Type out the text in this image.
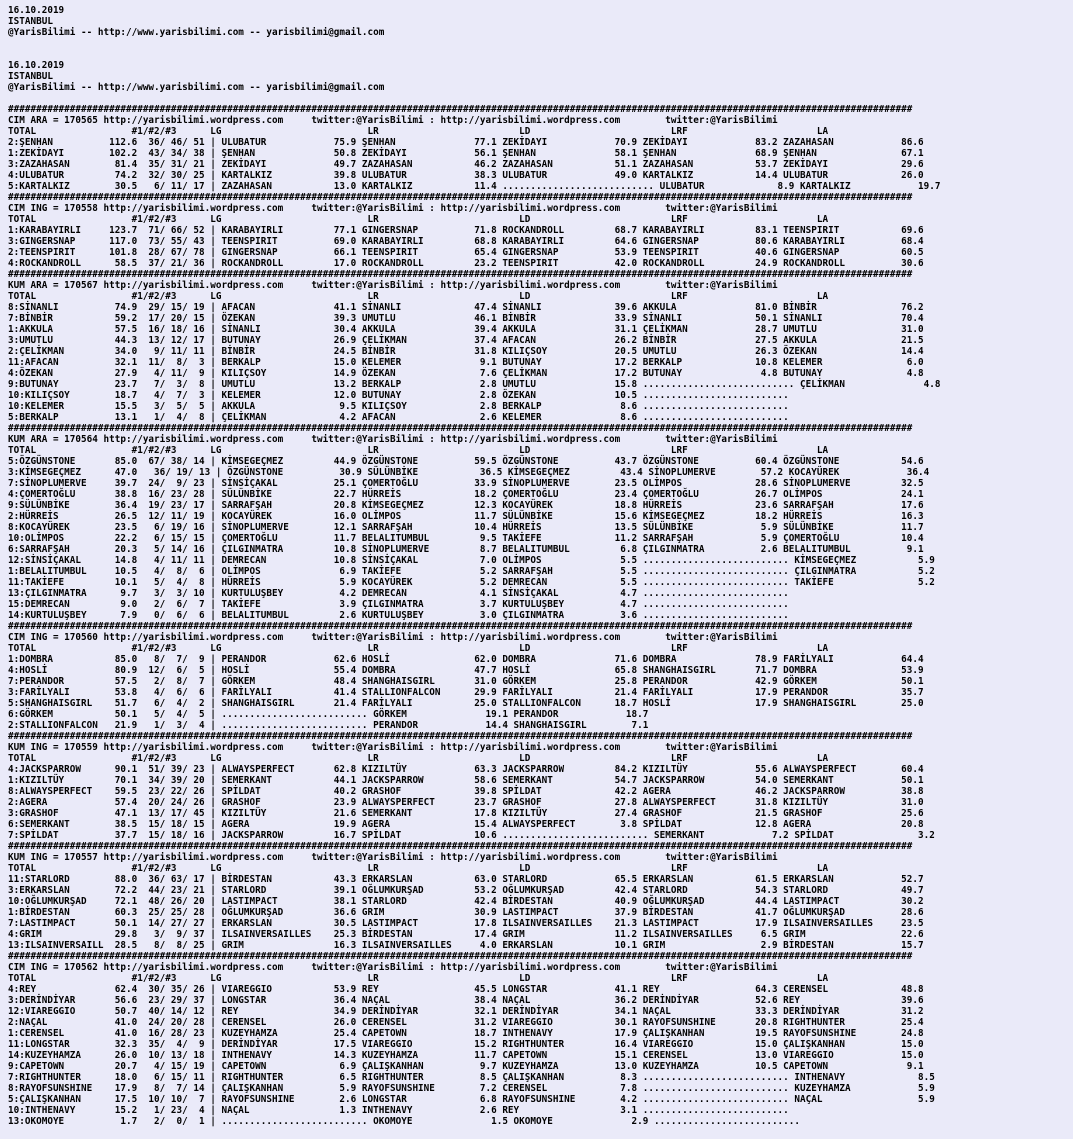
16.10.2019
ISTANBUL
@YarisBilimi -- http://www.yarisbilimi.com -- yarisbilimi@gmail.com

16.10.2019
ISTANBUL
@YarisBilimi -- http://www.yarisbilimi.com -- yarisbilimi@gmail.com

#################################################################################################################################################################
CIM ARA = 170565 http://yarisbilimi.wordpress.com     twitter:@YarisBilimi : http://yarisbilimi.wordpress.com        twitter:@YarisBilimi
TOTAL                 #1/#2/#3      LG                          LR                         LD                         LRF                       LA
2:ŞENHAN          112.6  36/ 46/ 51 | ULUBATUR            75.9 ŞENHAN              77.1 ZEKİDAYI            70.9 ZEKİDAYI            83.2 ZAZAHASAN            86.6
1:ZEKİDAYI        102.2  43/ 34/ 38 | ŞENHAN              50.8 ZEKİDAYI            56.1 ŞENHAN              58.1 ŞENHAN              68.9 ŞENHAN               67.1
3:ZAZAHASAN        81.4  35/ 31/ 21 | ZEKİDAYI            49.7 ZAZAHASAN           46.2 ZAZAHASAN           51.1 ZAZAHASAN           53.7 ZEKİDAYI             29.6
4:ULUBATUR         74.2  32/ 30/ 25 | KARTALKIZ           39.8 ULUBATUR            38.3 ULUBATUR            49.0 KARTALKIZ           14.4 ULUBATUR             26.0
5:KARTALKIZ        30.5   6/ 11/ 17 | ZAZAHASAN           13.0 KARTALKIZ           11.4 ........................... ULUBATUR             8.9 KARTALKIZ            19.7
#################################################################################################################################################################
CIM ING = 170558 http://yarisbilimi.wordpress.com     twitter:@YarisBilimi : http://yarisbilimi.wordpress.com        twitter:@YarisBilimi
TOTAL                 #1/#2/#3      LG                          LR                         LD                         LRF                       LA
1:KARABAYIRLI     123.7  71/ 66/ 52 | KARABAYIRLI         77.1 GINGERSNAP          71.8 ROCKANDROLL         68.7 KARABAYIRLI         83.1 TEENSPIRIT           69.6
3:GINGERSNAP      117.0  73/ 55/ 43 | TEENSPIRIT          69.0 KARABAYIRLI         68.8 KARABAYIRLI         64.6 GINGERSNAP          80.6 KARABAYIRLI          68.4
2:TEENSPIRIT      101.8  28/ 67/ 78 | GINGERSNAP          66.1 TEENSPIRIT          65.4 GINGERSNAP          53.9 TEENSPIRIT          40.6 GINGERSNAP           60.5
4:ROCKANDROLL      58.5  37/ 21/ 36 | ROCKANDROLL         17.0 ROCKANDROLL         23.2 TEENSPIRIT          42.0 ROCKANDROLL         24.9 ROCKANDROLL          30.6
#################################################################################################################################################################
KUM ARA = 170567 http://yarisbilimi.wordpress.com     twitter:@YarisBilimi : http://yarisbilimi.wordpress.com        twitter:@YarisBilimi
TOTAL                 #1/#2/#3      LG                          LR                         LD                         LRF                       LA
8:SİNANLI          74.9  29/ 15/ 19 | AFACAN              41.1 SİNANLI             47.4 SİNANLI             39.6 AKKULA              81.0 BİNBİR               76.2
7:BİNBİR           59.2  17/ 20/ 15 | ÖZEKAN              39.3 UMUTLU              46.1 BİNBİR              33.9 SİNANLI             50.1 SİNANLI              70.4
1:AKKULA           57.5  16/ 18/ 16 | SİNANLI             30.4 AKKULA              39.4 AKKULA              31.1 ÇELİKMAN            28.7 UMUTLU               31.0
3:UMUTLU           44.3  13/ 12/ 17 | BUTUNAY             26.9 ÇELİKMAN            37.4 AFACAN              26.2 BİNBİR              27.5 AKKULA               21.5
2:ÇELİKMAN         34.0   9/ 11/ 11 | BİNBİR              24.5 BİNBİR              31.8 KILIÇSOY            20.5 UMUTLU              26.3 ÖZEKAN               14.4
11:AFACAN          32.1  11/  8/  3 | BERKALP             15.0 KELEMER              9.1 BUTUNAY             17.2 BERKALP             10.8 KELEMER               6.0
4:ÖZEKAN           27.9   4/ 11/  9 | KILIÇSOY            14.9 ÖZEKAN               7.6 ÇELİKMAN            17.2 BUTUNAY              4.8 BUTUNAY               4.8
9:BUTUNAY          23.7   7/  3/  8 | UMUTLU              13.2 BERKALP              2.8 UMUTLU              15.8 ........................... ÇELİKMAN              4.8
10:KILIÇSOY        18.7   4/  7/  3 | KELEMER             12.0 BUTUNAY              2.8 ÖZEKAN              10.5 ..........................
10:KELEMER         15.5   3/  5/  5 | AKKULA               9.5 KILIÇSOY             2.8 BERKALP              8.6 ..........................
5:BERKALP          13.1   1/  4/  8 | ÇELİKMAN             4.2 AFACAN               2.6 KELEMER              8.6 ..........................
#################################################################################################################################################################
KUM ARA = 170564 http://yarisbilimi.wordpress.com     twitter:@YarisBilimi : http://yarisbilimi.wordpress.com        twitter:@YarisBilimi
TOTAL                 #1/#2/#3      LG                          LR                         LD                         LRF                       LA
5:ÖZGÜNSTONE       85.0  67/ 38/ 14 | KİMSEGEÇMEZ         44.9 ÖZGÜNSTONE          59.5 ÖZGÜNSTONE          43.7 ÖZGÜNSTONE          60.4 ÖZGÜNSTONE           54.6
3:KİMSEGEÇMEZ      47.0   36/ 19/ 13 | ÖZGÜNSTONE          30.9 SÜLÜNBİKE           36.5 KİMSEGEÇMEZ         43.4 SİNOPLUMERVE        57.2 KOCAYÜREK            36.4
7:SİNOPLUMERVE     39.7  24/  9/ 23 | SİNSİÇAKAL          25.1 ÇOMERTOĞLU          33.9 SİNOPLUMERVE        23.5 OLİMPOS             28.6 SİNOPLUMERVE         32.5
4:ÇOMERTOĞLU       38.8  16/ 23/ 28 | SÜLÜNBİKE           22.7 HÜRREİS             18.2 ÇOMERTOĞLU          23.4 ÇOMERTOĞLU          26.7 OLİMPOS              24.1
9:SÜLÜNBİKE        36.4  19/ 23/ 17 | SARRAFŞAH           20.8 KİMSEGEÇMEZ         12.3 KOCAYÜREK           18.8 HÜRREİS             23.6 SARRAFŞAH            17.6
2:HÜRREİS          26.5  12/ 11/ 19 | KOCAYÜREK           16.0 OLİMPOS             11.7 SÜLÜNBİKE           15.6 KİMSEGEÇMEZ         18.2 HÜRREİS              16.3
8:KOCAYÜREK        23.5   6/ 19/ 16 | SİNOPLUMERVE        12.1 SARRAFŞAH           10.4 HÜRREİS             13.5 SÜLÜNBİKE            5.9 SÜLÜNBİKE            11.7
10:OLİMPOS         22.2   6/ 15/ 15 | ÇOMERTOĞLU          11.7 BELALITUMBUL         9.5 TAKİEFE             11.2 SARRAFŞAH            5.9 ÇOMERTOĞLU           10.4
6:SARRAFŞAH        20.3   5/ 14/ 16 | ÇILGINMATRA         10.8 SİNOPLUMERVE         8.7 BELALITUMBUL         6.8 ÇILGINMATRA          2.6 BELALITUMBUL          9.1
12:SİNSİÇAKAL      14.8   4/ 11/ 11 | DEMRECAN            10.8 SİNSİÇAKAL           7.0 OLİMPOS              5.5 .......................... KİMSEGEÇMEZ           5.9
1:BELALITUMBUL     10.5   4/  8/  6 | OLİMPOS              6.9 TAKİEFE              5.2 SARRAFŞAH            5.5 .......................... ÇILGINMATRA           5.2
11:TAKİEFE         10.1   5/  4/  8 | HÜRREİS              5.9 KOCAYÜREK            5.2 DEMRECAN             5.5 .......................... TAKİEFE               5.2
13:ÇILGINMATRA      9.7   3/  3/ 10 | KURTULUŞBEY          4.2 DEMRECAN             4.1 SİNSİÇAKAL           4.7 ..........................
15:DEMRECAN         9.0   2/  6/  7 | TAKİEFE              3.9 ÇILGINMATRA          3.7 KURTULUŞBEY          4.7 ..........................
14:KURTULUŞBEY      7.9   0/  6/  6 | BELALITUMBUL         2.6 KURTULUŞBEY          3.0 ÇILGINMATRA          3.6 ..........................
#################################################################################################################################################################
CIM ING = 170560 http://yarisbilimi.wordpress.com     twitter:@YarisBilimi : http://yarisbilimi.wordpress.com        twitter:@YarisBilimi
TOTAL                 #1/#2/#3      LG                          LR                         LD                         LRF                       LA
1:DOMBRA           85.0   8/  7/  9 | PERANDOR            62.6 HOSLİ               62.0 DOMBRA              71.6 DOMBRA              78.9 FARİLYALI            64.4
4:HOSLİ            80.9  12/  6/  5 | HOSLİ               55.4 DOMBRA              47.7 HOSLİ               65.8 SHANGHAISGIRL       71.7 DOMBRA               53.9
7:PERANDOR         57.5   2/  8/  7 | GÖRKEM              48.4 SHANGHAISGIRL       31.0 GÖRKEM              25.8 PERANDOR            42.9 GÖRKEM               50.1
3:FARİLYALI        53.8   4/  6/  6 | FARİLYALI           41.4 STALLIONFALCON      29.9 FARİLYALI           21.4 FARİLYALI           17.9 PERANDOR             35.7
5:SHANGHAISGIRL    51.7   6/  4/  2 | SHANGHAISGIRL       21.4 FARİLYALI           25.0 STALLIONFALCON      18.7 HOSLİ               17.9 SHANGHAISGIRL        25.0
6:GÖRKEM           50.1   5/  4/  5 | .......................... GÖRKEM              19.1 PERANDOR            18.7
2:STALLIONFALCON   21.9   1/  3/  4 | .......................... PERANDOR            14.4 SHANGHAISGIRL        7.1
#################################################################################################################################################################
KUM ING = 170559 http://yarisbilimi.wordpress.com     twitter:@YarisBilimi : http://yarisbilimi.wordpress.com        twitter:@YarisBilimi
TOTAL                 #1/#2/#3      LG                          LR                         LD                         LRF                       LA
4:JACKSPARROW      90.1  51/ 39/ 23 | ALWAYSPERFECT       62.8 KIZILTÜY            63.3 JACKSPARROW         84.2 KIZILTÜY            55.6 ALWAYSPERFECT        60.4
1:KIZILTÜY         70.1  34/ 39/ 20 | SEMERKANT           44.1 JACKSPARROW         58.6 SEMERKANT           54.7 JACKSPARROW         54.0 SEMERKANT            50.1
8:ALWAYSPERFECT    59.5  23/ 22/ 26 | SPİLDAT             40.2 GRASHOF             39.8 SPİLDAT             42.2 AGERA               46.2 JACKSPARROW          38.8
2:AGERA            57.4  20/ 24/ 26 | GRASHOF             23.9 ALWAYSPERFECT       23.7 GRASHOF             27.8 ALWAYSPERFECT       31.8 KIZILTÜY             31.0
3:GRASHOF          47.1  13/ 17/ 45 | KIZILTÜY            21.6 SEMERKANT           17.8 KIZILTÜY            27.4 GRASHOF             21.5 GRASHOF              25.6
6:SEMERKANT        38.5  15/ 18/ 15 | AGERA               19.9 AGERA               15.4 ALWAYSPERFECT        3.8 SPİLDAT             12.8 AGERA                20.8
7:SPİLDAT          37.7  15/ 18/ 16 | JACKSPARROW         16.7 SPİLDAT             10.6 .......................... SEMERKANT            7.2 SPİLDAT               3.2
#################################################################################################################################################################
KUM ING = 170557 http://yarisbilimi.wordpress.com     twitter:@YarisBilimi : http://yarisbilimi.wordpress.com        twitter:@YarisBilimi
TOTAL                 #1/#2/#3      LG                          LR                         LD                         LRF                       LA
11:STARLORD        88.0  36/ 63/ 17 | BİRDESTAN           43.3 ERKARSLAN           63.0 STARLORD            65.5 ERKARSLAN           61.5 ERKARSLAN            52.7
3:ERKARSLAN        72.2  44/ 23/ 21 | STARLORD            39.1 OĞLUMKURŞAD         53.2 OĞLUMKURŞAD         42.4 STARLORD            54.3 STARLORD             49.7
10:OĞLUMKURŞAD     72.1  48/ 26/ 20 | LASTIMPACT          38.1 STARLORD            42.4 BİRDESTAN           40.9 OĞLUMKURŞAD         44.4 LASTIMPACT           30.2
1:BİRDESTAN        60.3  25/ 25/ 28 | OĞLUMKURŞAD         36.6 GRIM                30.9 LASTIMPACT          37.9 BİRDESTAN           41.7 OĞLUMKURŞAD          28.6
7:LASTIMPACT       50.1  14/ 27/ 27 | ERKARSLAN           30.5 LASTIMPACT          17.8 ILSAINVERSAILLES    21.3 LASTIMPACT          17.9 ILSAINVERSAILLES     23.5
4:GRIM             29.8   3/  9/ 37 | ILSAINVERSAILLES    25.3 BİRDESTAN           17.4 GRIM                11.2 ILSAINVERSAILLES     6.5 GRIM                 22.6
13:ILSAINVERSAILL  28.5   8/  8/ 25 | GRIM                16.3 ILSAINVERSAILLES     4.0 ERKARSLAN           10.1 GRIM                 2.9 BİRDESTAN            15.7
#################################################################################################################################################################
CIM ING = 170562 http://yarisbilimi.wordpress.com     twitter:@YarisBilimi : http://yarisbilimi.wordpress.com        twitter:@YarisBilimi
TOTAL                 #1/#2/#3      LG                          LR                         LD                         LRF                       LA
4:REY              62.4  30/ 35/ 26 | VIAREGGIO           53.9 REY                 45.5 LONGSTAR            41.1 REY                 64.3 CERENSEL             48.8
3:DERİNDİYAR       56.6  23/ 29/ 37 | LONGSTAR            36.4 NAÇAL               38.4 NAÇAL               36.2 DERİNDİYAR          52.6 REY                  39.6
12:VIAREGGIO       50.7  40/ 14/ 12 | REY                 34.9 DERİNDİYAR          32.1 DERİNDİYAR          34.1 NAÇAL               33.3 DERİNDİYAR           31.2
2:NAÇAL            41.0  24/ 20/ 28 | CERENSEL            26.0 CERENSEL            31.2 VIAREGGIO           30.1 RAYOFSUNSHINE       20.8 RIGHTHUNTER          25.4
1:CERENSEL         41.0  16/ 28/ 23 | KUZEYHAMZA          25.4 CAPETOWN            18.7 INTHENAVY           17.9 ÇALIŞKANHAN         19.5 RAYOFSUNSHINE        24.8
11:LONGSTAR        32.3  35/  4/  9 | DERİNDİYAR          17.5 VIAREGGIO           15.2 RIGHTHUNTER         16.4 VIAREGGIO           15.0 ÇALIŞKANHAN          15.0
14:KUZEYHAMZA      26.0  10/ 13/ 18 | INTHENAVY           14.3 KUZEYHAMZA          11.7 CAPETOWN            15.1 CERENSEL            13.0 VIAREGGIO            15.0
9:CAPETOWN         20.7   4/ 15/ 19 | CAPETOWN             6.9 ÇALIŞKANHAN          9.7 KUZEYHAMZA          13.0 KUZEYHAMZA          10.5 CAPETOWN              9.1
7:RIGHTHUNTER      18.0   6/ 15/ 11 | RIGHTHUNTER          6.5 RIGHTHUNTER          8.5 ÇALIŞKANHAN          8.3 .......................... INTHENAVY             8.5
8:RAYOFSUNSHINE    17.9   8/  7/ 14 | ÇALIŞKANHAN          5.9 RAYOFSUNSHINE        7.2 CERENSEL             7.8 .......................... KUZEYHAMZA            5.9
5:ÇALIŞKANHAN      17.5  10/ 10/  7 | RAYOFSUNSHINE        2.6 LONGSTAR             6.8 RAYOFSUNSHINE        4.2 .......................... NAÇAL                 5.9
10:INTHENAVY       15.2   1/ 23/  4 | NAÇAL                1.3 INTHENAVY            2.6 REY                  3.1 ..........................
13:OKOMOYE          1.7   2/  0/  1 | .......................... OKOMOYE              1.5 OKOMOYE              2.9 ..........................
